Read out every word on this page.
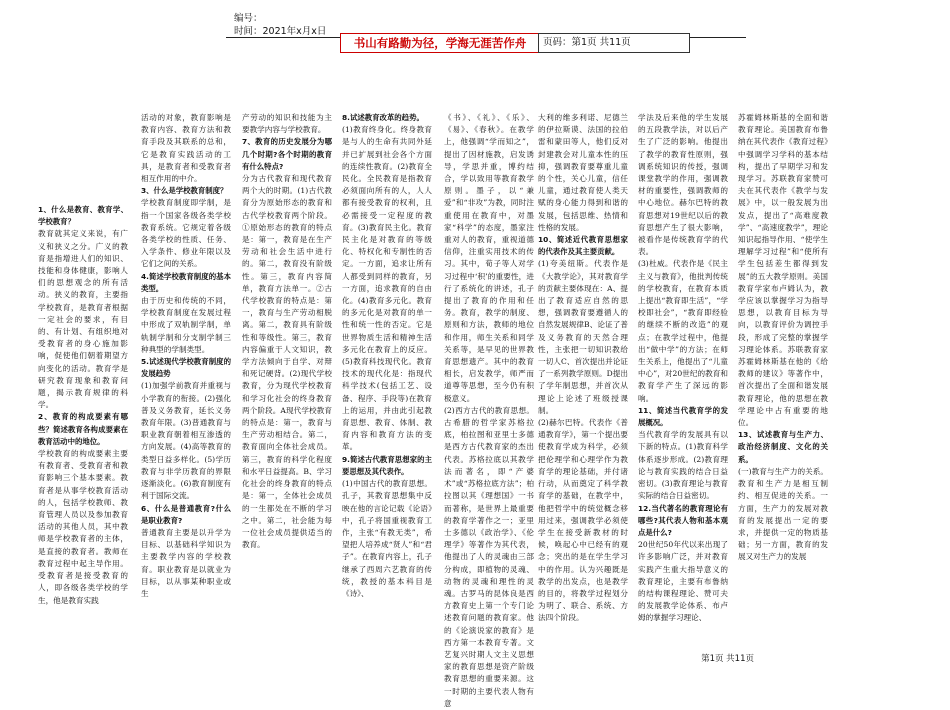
编号：
时间：2021年x月x日
书山有路勤为径，学海无涯苦作舟	页码：第1页 共11页

1、什么是教育、教育学、学校教育？

教育就其定义来说，有广义和狭义之分。广义的教育是指增进人们的知识、技能和身体健康，影响人们的思想观念的所有活动。狭义的教育，主要指学校教育，是教育者根据一定社会的要求，有目的、有计划、有组织地对受教育者的身心施加影响，促使他们朝着期望方向变化的活动。教育学是研究教育现象和教育问题，揭示教育规律的科学。

2、教育的构成要素有哪些？简述教育各构成要素在教育活动中的地位。

学校教育的构成要素主要有教育者、受教育者和教育影响三个基本要素。教育者是从事学校教育活动的人，包括学校教师、教育管理人员以及参加教育活动的其他人员，其中教师是学校教育者的主体，是直接的教育者。教师在教育过程中起主导作用。受教育者是接受教育的人，即各级各类学校的学生，他是教育实践

活动的对象，教育影响是教育内容、教育方法和教育手段及其联系的总和，它是教育实践活动的工具，是教育者和受教育者相互作用的中介。

3、什么是学校教育制度？

学校教育制度即学制，是指一个国家各级各类学校教育系统。它规定着各级各类学校的性质、任务、入学条件、修业年限以及它们之间的关系。

4.简述学校教育制度的基本类型。

由于历史和传统的不同，学校教育制度在发展过程中形成了双轨制学制，单轨制学制和分支制学制三种典型的学制类型。

5.试述现代学校教育制度的发展趋势

(1)加强学前教育并重视与小学教育的衔接。(2)强化普及义务教育，延长义务教育年限。(3)普通教育与职业教育朝着相互渗透的方向发展。(4)高等教育的类型日益多样化。(5)学历教育与非学历教育的界限逐渐淡化。(6)教育制度有利于国际交流。

6、什么是普通教育?什么是职业教育?

普通教育主要是以升学为目标、以基础科学知识为主要教学内容的学校教育。职业教育是以就业为目标，以从事某种职业或生

产劳动的知识和技能为主要教学内容与学校教育。

7、教育的历史发展分为哪几个时期?各个时期的教育有什么特点?

分为古代教育和现代教育两个大的时期。(1)古代教育分为原始形态的教育和古代学校教育两个阶段。①原始形态的教育的特点是：第一，教育是在生产劳动和社会生活中进行的。第二，教育没有阶级性。第三，教育内容简单，教育方法单一。②古代学校教育的特点是：第一，教育与生产劳动相脱离。第二，教育具有阶级性和等级性。第三，教育内容偏重于人文知识，教学方法倾向于自学、对辩和死记硬背。(2)现代学校教育，分为现代学校教育和学习化社会的终身教育两个阶段。A现代学校教育的特点是：第一，教育与生产劳动相结合。第二，教育面向全体社会成员。第三，教育的科学化程度和水平日益提高。B、学习化社会的终身教育的特点是：第一，全体社会成员的一生都处在不断的学习之中。第二，社会能为每一位社会成员提供适当的教育。

8.试述教育改革的趋势。

(1)教育终身化。终身教育是与人的生命有共同外延并已扩展到社会各个方面的连续性教育。(2)教育全民化。全民教育是指教育必须面向所有的人，人人都有接受教育的权利，且必需接受一定程度的教育。(3)教育民主化。教育民主化是对教育的等级化、特权化和专制性的否定。一方面，追求让所有人都受到同样的教育，另一方面，追求教育的自由化。(4)教育多元化。教育的多元化是对教育的单一性和统一性的否定。它是世界物质生活和精神生活多元化在教育上的反应。(5)教育科技现代化。教育技术的现代化是：指现代科学技术(包括工艺、设备、程序、手段等)在教育上的运用，并由此引起教育思想、教育、体制、教育内容和教育方法的变革。

9.简述古代教育思想家的主要思想及其代表作。

(1)中国古代的教育思想。孔子，其教育思想集中反映在他的言论记载《论语》中，孔子将国重视教育工作，主张“有教无类”，希望把人培养成“贤人”和“君子”。在教育内容上，孔子继承了西周六艺教育的传统，教授的基本科目是《诗》、

《书》、《礼》、《乐》、《易》、《春秋》。在教学上，他强调“学而知之”，提出了因材施教，启发诱导，学思并重，博约结合，学以致用等教育教学原则。墨子，以“兼爱”和“非攻”为教，同时注重使用在教育中，对墨家“科学”的态度，墨家注重对人的教育，重视道德信仰，注重实用技术的传习。其中，荀子等人对学习过程中‘积’的重要性，进行了系统化的讲述，孔子提出了教育的作用和任务。教育，教学的制度、原则和方法，教师的地位和作用，师生关系和同学关系等，是早见的世界教育思想遗产。其中的教育相长，启发教学，师严而道尊等思想，至今仍有积极意义。

(2)西方古代的教育思想。古希腊的哲学家苏格拉底，柏拉图和亚里士多德是西方古代教育家的杰出代表。苏格拉底以其教学法而著名，即“产婆术”或“苏格拉底方法”；柏拉图以其《理想国》一书而著称，是世界上最重要的教育学著作之一；亚里士多德以《政治学》、《伦理学》等著作为其代表，他提出了人的灵魂由三部分构成，即植物的灵魂、动物的灵魂和理性的灵魂。古罗马的昆体良是西方教育史上第一个专门论述教育问题的教育家。他的《论演说家的教育》是西方第一本教育专著。文艺复兴时期人文主义思想家的教育思想是资产阶级教育思想的重要来源。这一时期的主要代表人物有意

大利的维多利诺、尼德兰的伊拉斯谟、法国的拉伯雷和蒙田等人，他们反对封建教会对儿童本性的压抑，强调教育要尊重儿童的个性，关心儿童，信任儿童，通过教育使人类天赋的身心能力得到和谐的发展，包括思维、热情和性格的发展。

10、简述近代教育思想家的代表作及其主要贡献。

(1)夸美纽斯。代表作是《大教学论》，其对教育学的贡献主要体现在：A、提出了教育适应自然的思想，强调教育要遵循人的自然发展规律B、论证了普及义务教育的天然合理性，主张把一切知识教给一切人C、首次提出并论证了一系列教学原则。D提出了学年制思想，并首次从理论上论述了班级授课制。

(2)赫尔巴特。代表作《普通教育学》，第一个提出要使教育学成为科学，必须把伦理学和心理学作为教育学的理论基础，并付诸行动，从而奠定了科学教育学的基础，在教学中，他把哲学中的统觉概念移用过来，强调教学必须使学生在接受新教材的时候，唤起心中已经有的观念；突出的是在学生学习中的作用。认为兴趣既是教学的出发点，也是教学的目的，将教学过程划分为明了、联合、系统、方法四个阶段。

学法及后来他的学生发展的五段教学法，对以后产生了广泛的影响。他提出了教学的教育性原则，强调系统知识的传授，强调课堂教学的作用，强调教材的重要性，强调教师的中心地位。赫尔巴特的教育思想对19世纪以后的教育思想产生了很大影响，被看作是传统教育学的代表。

(3)杜威。代表作是《民主主义与教育》，他批判传统的学校教育，在教育本质上提出“教育即生活”，“学校即社会”，“教育即经验的继续不断的改造”的观点；在教学过程中，他提出“做中学”的方法；在师生关系上，他提出了“儿童中心”，对20世纪的教育和教育学产生了深远的影响。

11、简述当代教育学的发展概况。

当代教育学的发展具有以下新的特点。(1)教育科学体系逐步形成。(2)教育理论与教育实践的结合日益密切。(3)教育理论与教育实际的结合日益密切。

12.当代著名的教育理论有哪些?其代表人物和基本观点是什么?

20世纪50年代以来出现了许多影响广泛，并对教育实践产生重大指导意义的教育理论，主要有布鲁纳的结构课程理论、赞可夫的发展教学论体系、布卢姆的掌握学习理论、

苏霍姆林斯基的全面和谐教育理论。美国教育布鲁纳在其代表作《教育过程》中强调学习学科的基本结构，提出了早期学习和发现学习。苏联教育家赞可夫在其代表作《教学与发展》中，以一般发展为出发点，提出了“高难度教学”、“高速度教学”，理论知识起指导作用、“使学生理解学习过程”和“使所有学生包括差生都得到发展”的五大教学原则。美国教育学家布卢姆认为，教学应该以掌握学习为指导思想，以教育目标为导向，以教育评价为调控手段，形成了完整的掌握学习理论体系。苏联教育家苏霍姆林斯基在他的《给教师的建议》等著作中，首次提出了全面和谐发展教育理论，他的思想在教学理论中占有重要的地位。

13、试述教育与生产力、政治经济制度、文化的关系。

(一)教育与生产力的关系。教育和生产力是相互制约、相互促进的关系。一方面，生产力的发展对教育的发展提出一定的要求，并提供一定的物质基础；另一方面，教育的发展又对生产力的发展

第1页 共11页
